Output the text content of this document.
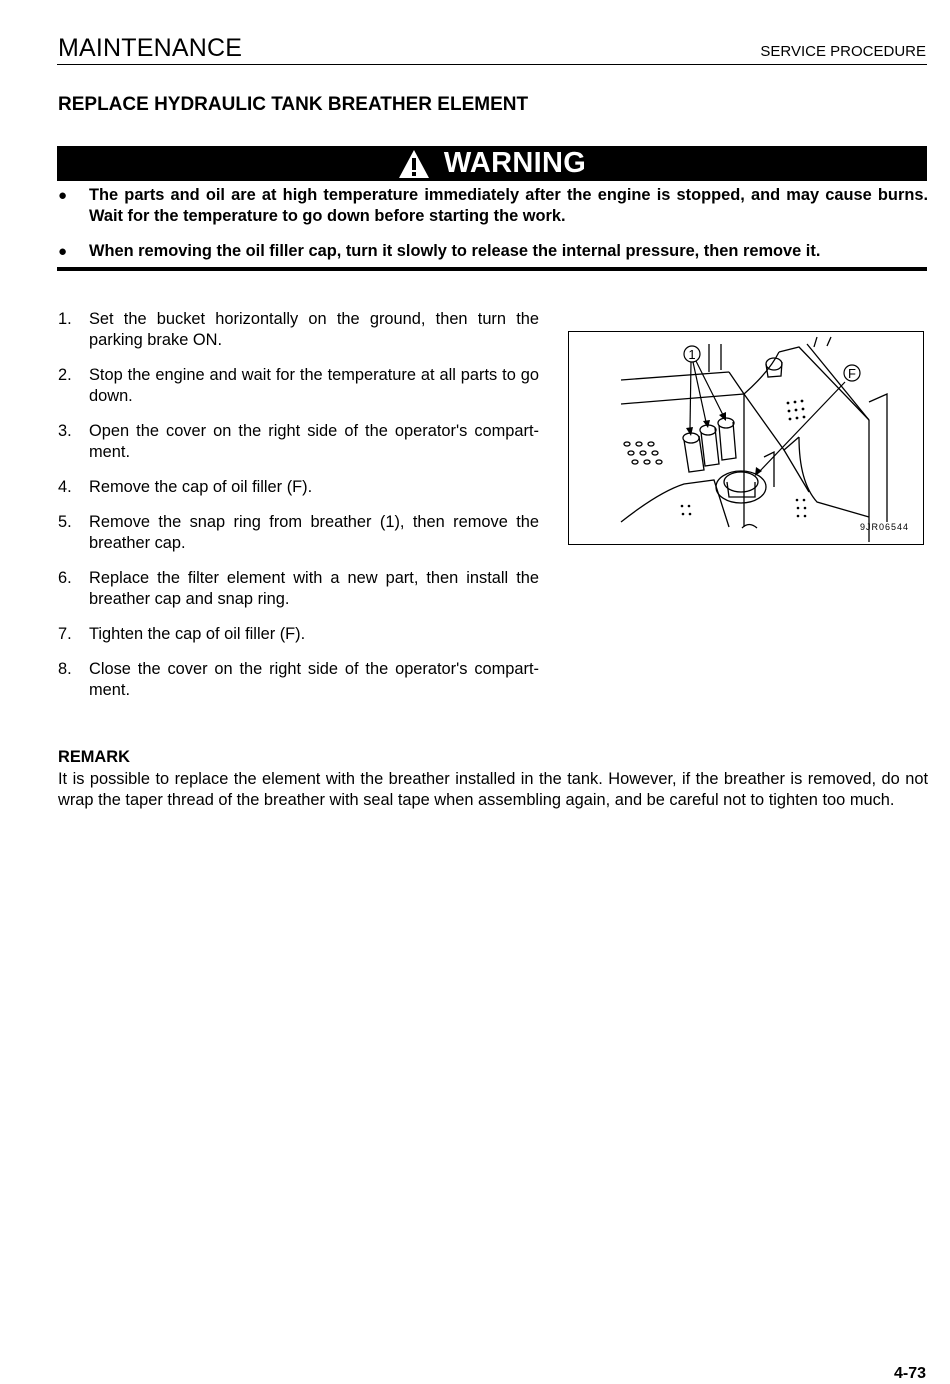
MAINTENANCE	SERVICE PROCEDURE
REPLACE HYDRAULIC TANK BREATHER ELEMENT
WARNING
● The parts and oil are at high temperature immediately after the engine is stopped, and may cause burns. Wait for the temperature to go down before starting the work.
● When removing the oil filler cap, turn it slowly to release the internal pressure, then remove it.
1. Set the bucket horizontally on the ground, then turn the parking brake ON.
2. Stop the engine and wait for the temperature at all parts to go down.
3. Open the cover on the right side of the operator's compart-ment.
4. Remove the cap of oil filler (F).
5. Remove the snap ring from breather (1), then remove the breather cap.
6. Replace the filter element with a new part, then install the breather cap and snap ring.
7. Tighten the cap of oil filler (F).
8. Close the cover on the right side of the operator's compart-ment.
1
F
9JR06544
REMARK
It is possible to replace the element with the breather installed in the tank. However, if the breather is removed, do not wrap the taper thread of the breather with seal tape when assembling again, and be careful not to tighten too much.
4-73
